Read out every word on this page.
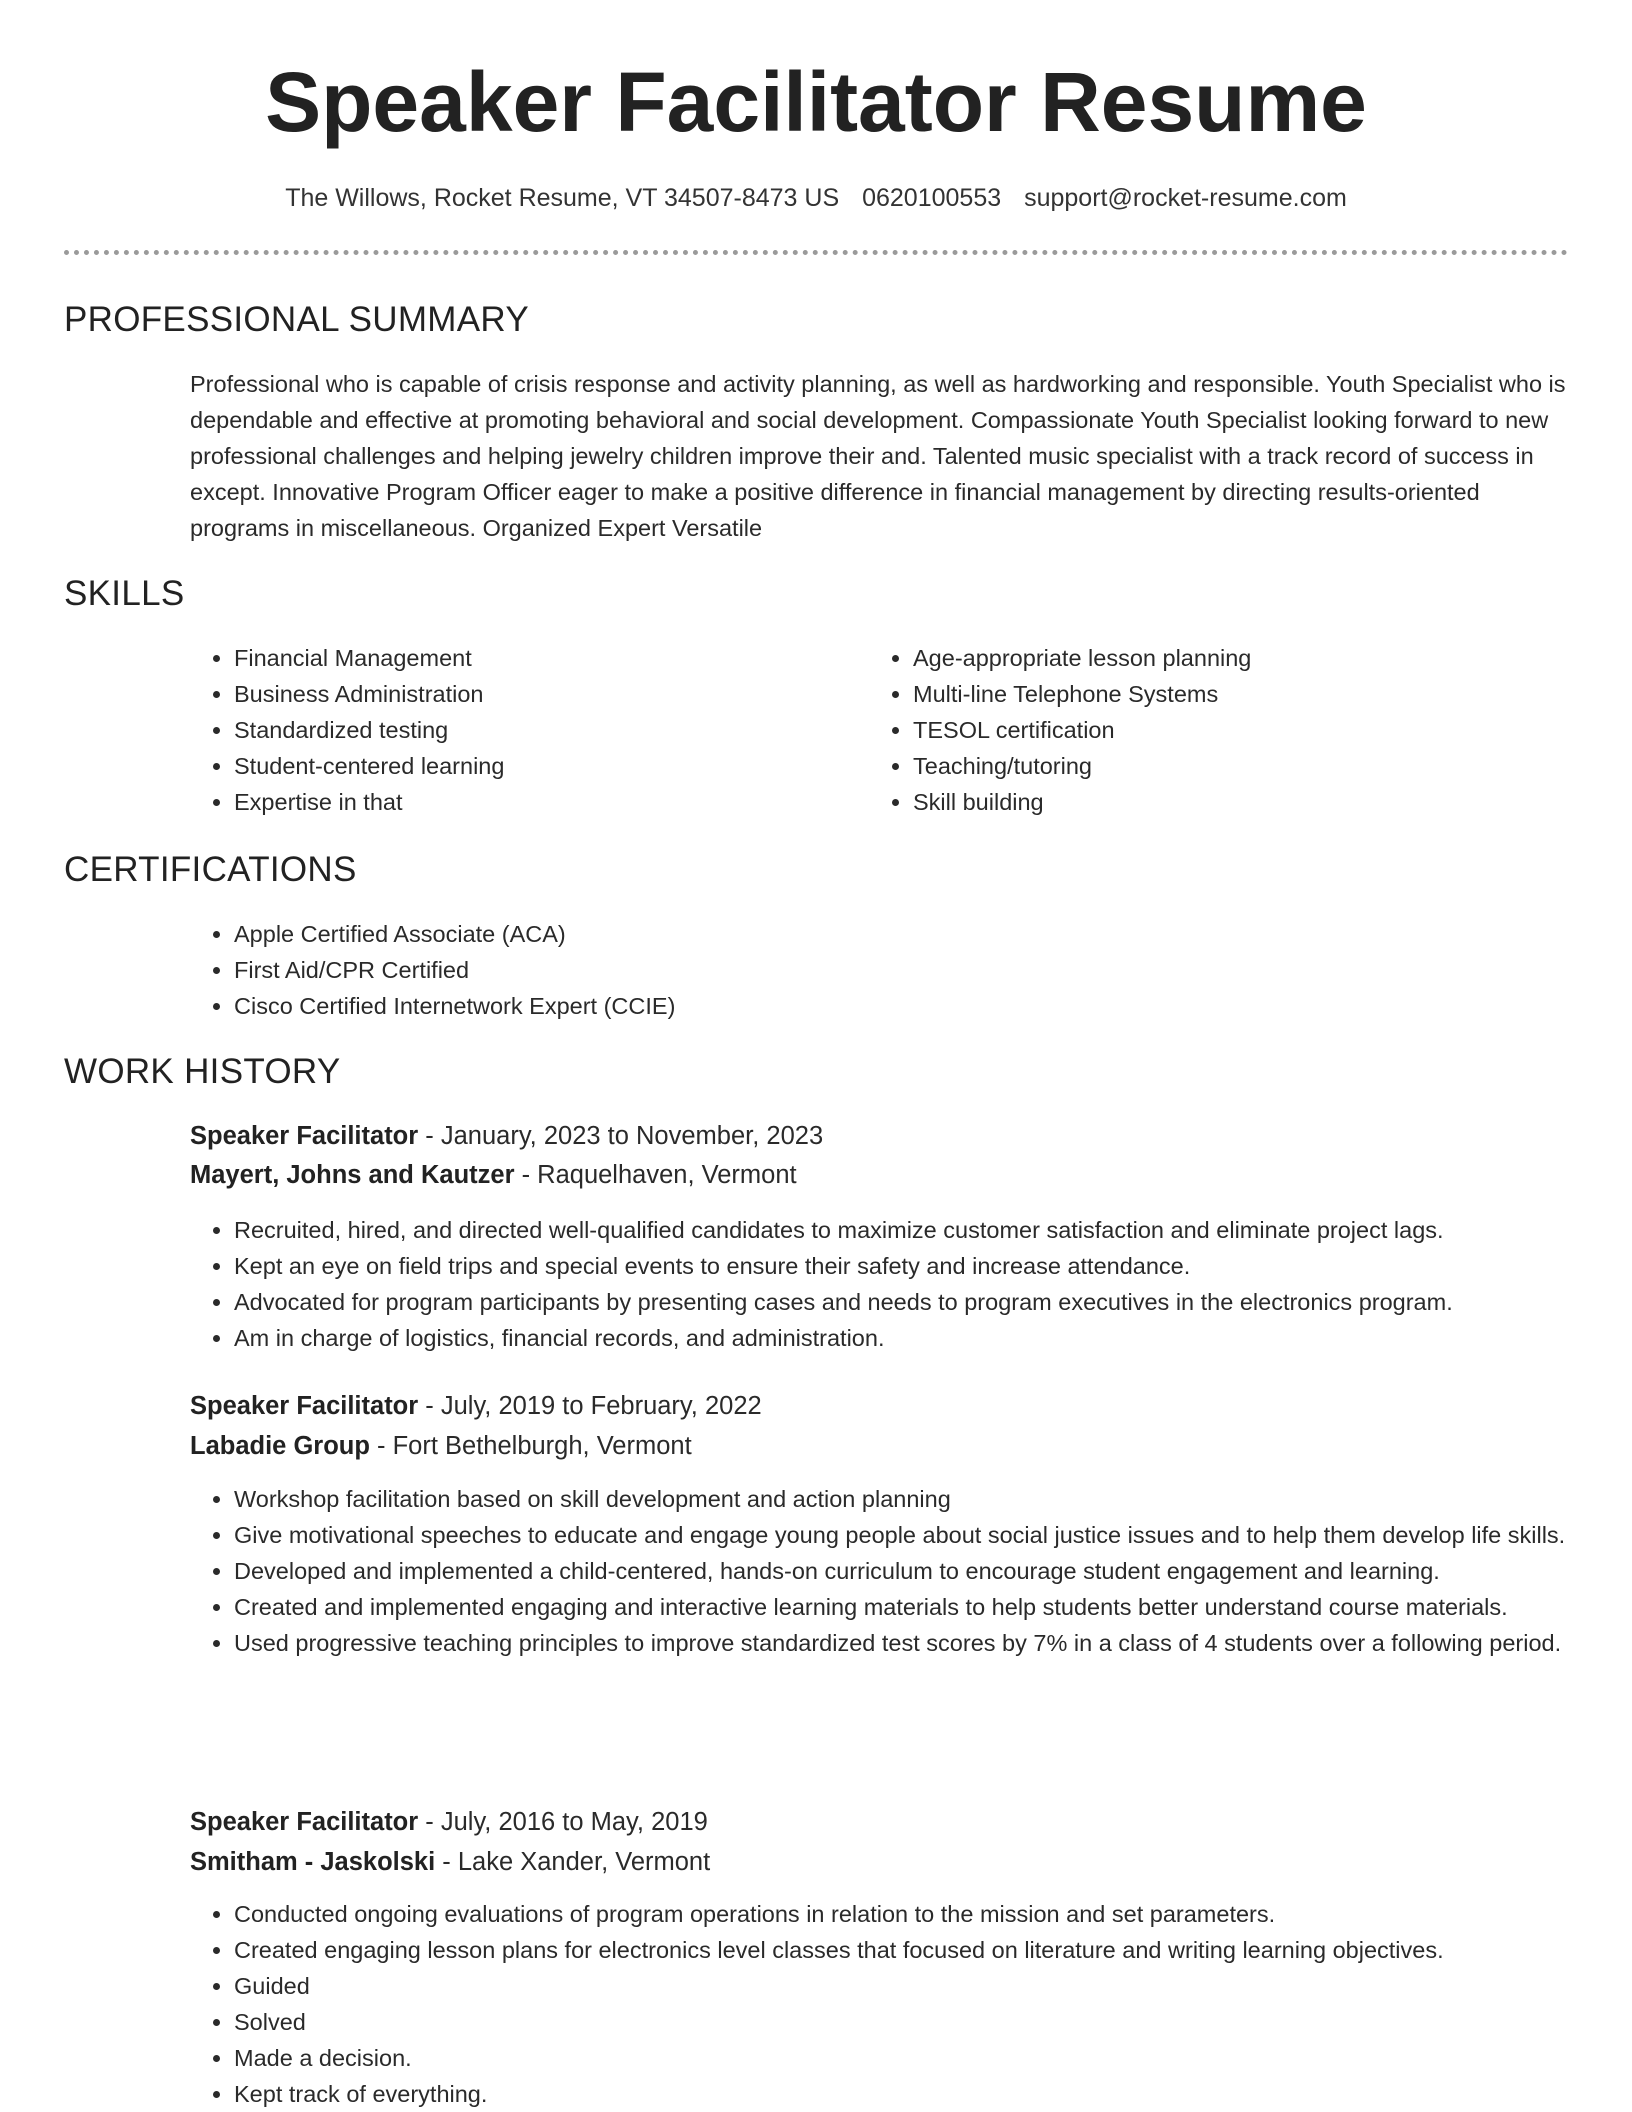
Speaker Facilitator Resume
The Willows, Rocket Resume, VT 34507-8473 US 0620100553 support@rocket-resume.com
PROFESSIONAL SUMMARY

Professional who is capable of crisis response and activity planning, as well as hardworking and responsible. Youth Specialist who is dependable and effective at promoting behavioral and social development. Compassionate Youth Specialist looking forward to new professional challenges and helping jewelry children improve their and. Talented music specialist with a track record of success in except. Innovative Program Officer eager to make a positive difference in financial management by directing results-oriented programs in miscellaneous. Organized Expert Versatile

SKILLS
• Financial Management
• Business Administration
• Standardized testing
• Student-centered learning
• Expertise in that
• Age-appropriate lesson planning
• Multi-line Telephone Systems
• TESOL certification
• Teaching/tutoring
• Skill building
CERTIFICATIONS
• Apple Certified Associate (ACA)
• First Aid/CPR Certified
• Cisco Certified Internetwork Expert (CCIE)
WORK HISTORY
Speaker Facilitator - January, 2023 to November, 2023
Mayert, Johns and Kautzer - Raquelhaven, Vermont
• Recruited, hired, and directed well-qualified candidates to maximize customer satisfaction and eliminate project lags.
• Kept an eye on field trips and special events to ensure their safety and increase attendance.
• Advocated for program participants by presenting cases and needs to program executives in the electronics program.
• Am in charge of logistics, financial records, and administration.
Speaker Facilitator - July, 2019 to February, 2022
Labadie Group - Fort Bethelburgh, Vermont
• Workshop facilitation based on skill development and action planning
• Give motivational speeches to educate and engage young people about social justice issues and to help them develop life skills.
• Developed and implemented a child-centered, hands-on curriculum to encourage student engagement and learning.
• Created and implemented engaging and interactive learning materials to help students better understand course materials.
• Used progressive teaching principles to improve standardized test scores by 7% in a class of 4 students over a following period.
Speaker Facilitator - July, 2016 to May, 2019
Smitham - Jaskolski - Lake Xander, Vermont
• Conducted ongoing evaluations of program operations in relation to the mission and set parameters.
• Created engaging lesson plans for electronics level classes that focused on literature and writing learning objectives.
• Guided
• Solved
• Made a decision.
• Kept track of everything.
